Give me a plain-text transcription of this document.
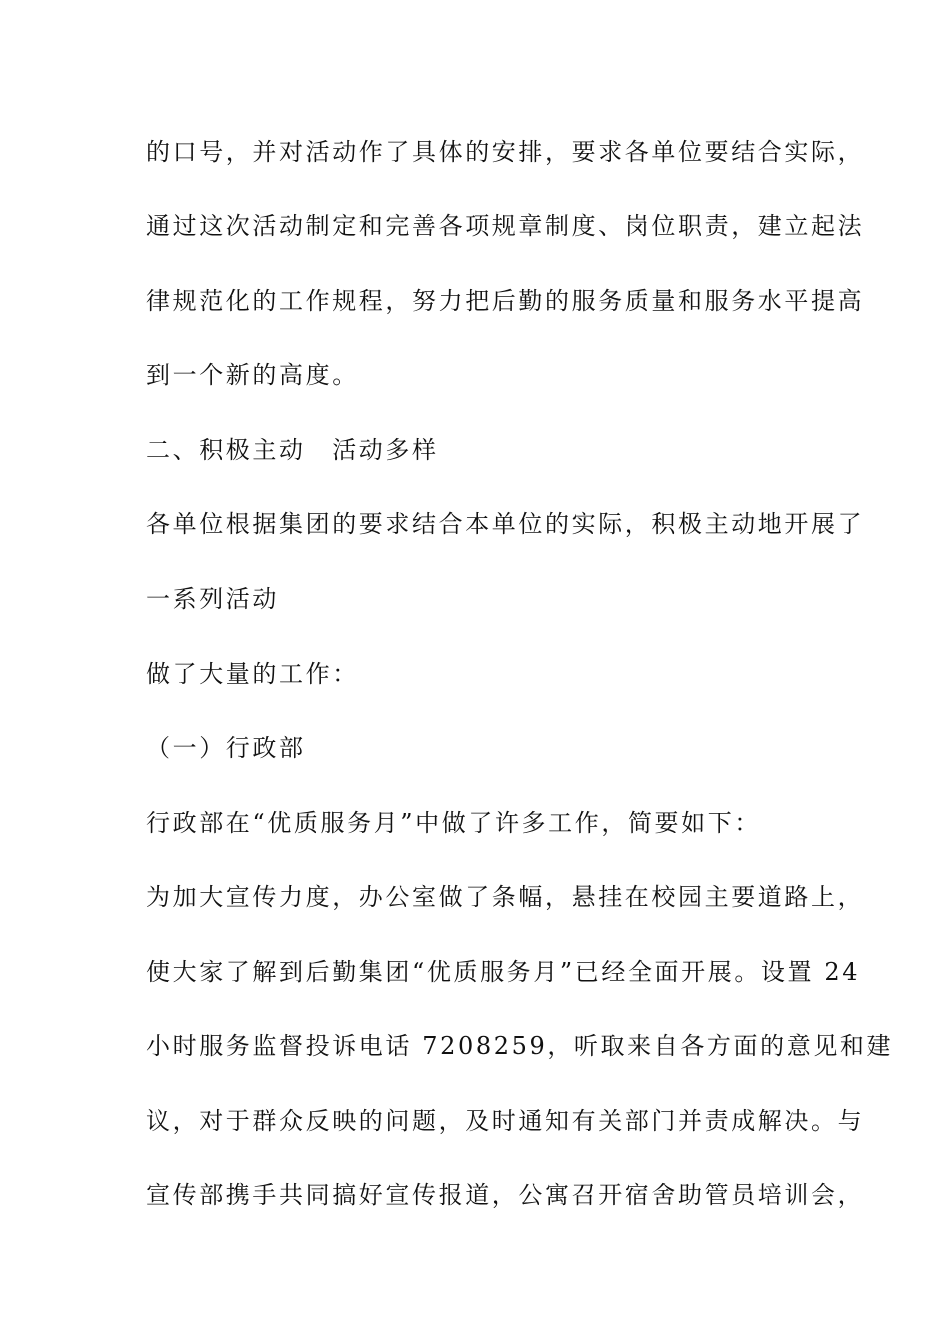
的口号，并对活动作了具体的安排，要求各单位要结合实际，
通过这次活动制定和完善各项规章制度、岗位职责，建立起法
律规范化的工作规程，努力把后勤的服务质量和服务水平提高
到一个新的高度。
二、积极主动　活动多样
各单位根据集团的要求结合本单位的实际，积极主动地开展了
一系列活动
做了大量的工作：
（一）行政部
行政部在“优质服务月”中做了许多工作，简要如下：
为加大宣传力度，办公室做了条幅，悬挂在校园主要道路上，
使大家了解到后勤集团“优质服务月”已经全面开展。设置 24
小时服务监督投诉电话 7208259，听取来自各方面的意见和建
议，对于群众反映的问题，及时通知有关部门并责成解决。与
宣传部携手共同搞好宣传报道，公寓召开宿舍助管员培训会，
